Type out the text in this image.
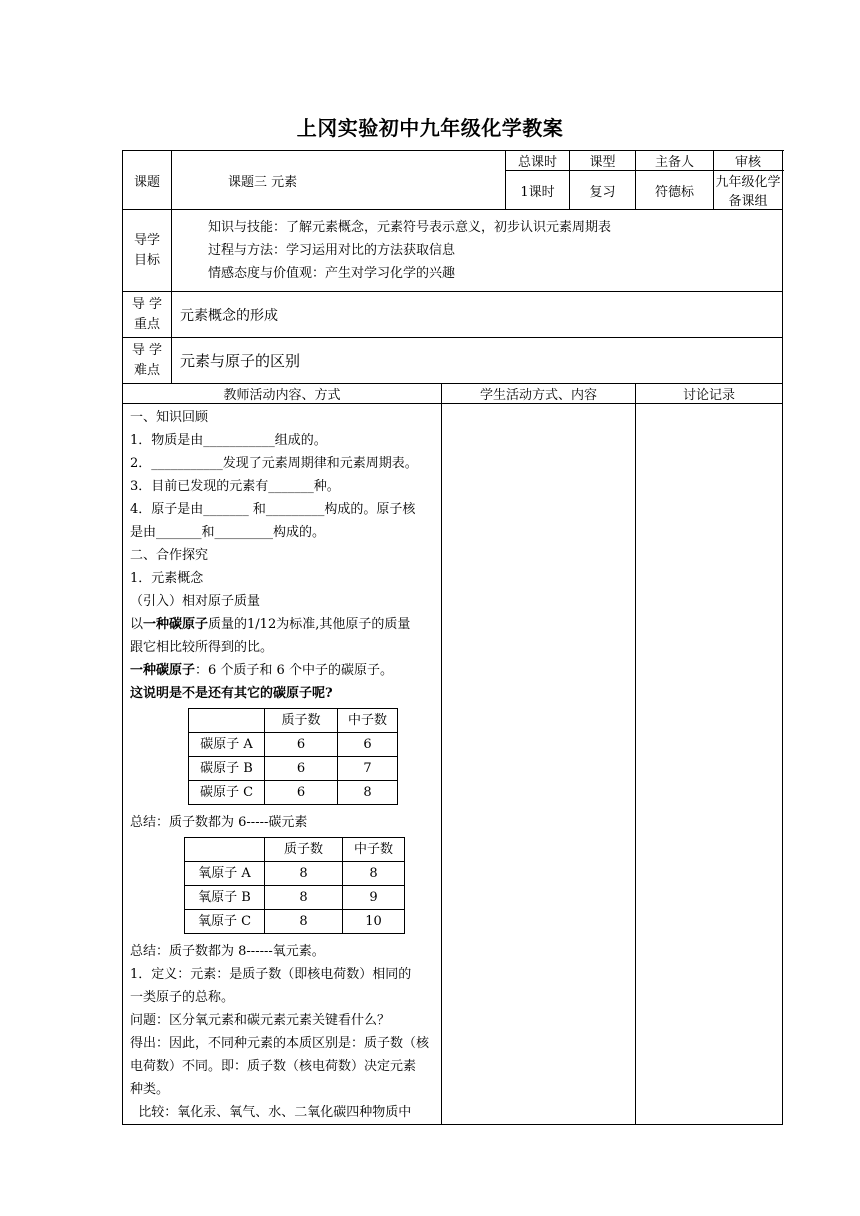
上冈实验初中九年级化学教案
课题	课题三 元素	总课时	课型	主备人	审核
1课时	复习	符德标	九年级化学备课组
导学
目标	
知识与技能：了解元素概念，元素符号表示意义，初步认识元素周期表
过程与方法：学习运用对比的方法获取信息
情感态度与价值观：产生对学习化学的兴趣

导 学
重点	元素概念的形成
导 学
难点	元素与原子的区别
教师活动内容、方式	学生活动方式、内容	讨论记录

一、知识回顾

1．物质是由___________组成的。

2．___________发现了元素周期律和元素周期表。

3．目前已发现的元素有_______种。

4．原子是由_______ 和_________构成的。原子核

是由_______和_________构成的。

二、合作探究

1．元素概念

（引入）相对原子质量

以一种碳原子质量的1/12为标准,其他原子的质量

跟它相比较所得到的比。

一种碳原子：6 个质子和 6 个中子的碳原子。

这说明是不是还有其它的碳原子呢?

	质子数	中子数
碳原子 A	6	6
碳原子 B	6	7
碳原子 C	6	8

总结：质子数都为 6-----碳元素

	质子数	中子数
氧原子 A	8	8
氧原子 B	8	9
氧原子 C	8	10

总结：质子数都为 8------氧元素。

1．定义：元素：是质子数（即核电荷数）相同的

一类原子的总称。

问题：区分氧元素和碳元素元素关键看什么？

得出：因此，不同种元素的本质区别是：质子数（核

电荷数）不同。即：质子数（核电荷数）决定元素

种类。

比较：氧化汞、氧气、水、二氧化碳四种物质中
